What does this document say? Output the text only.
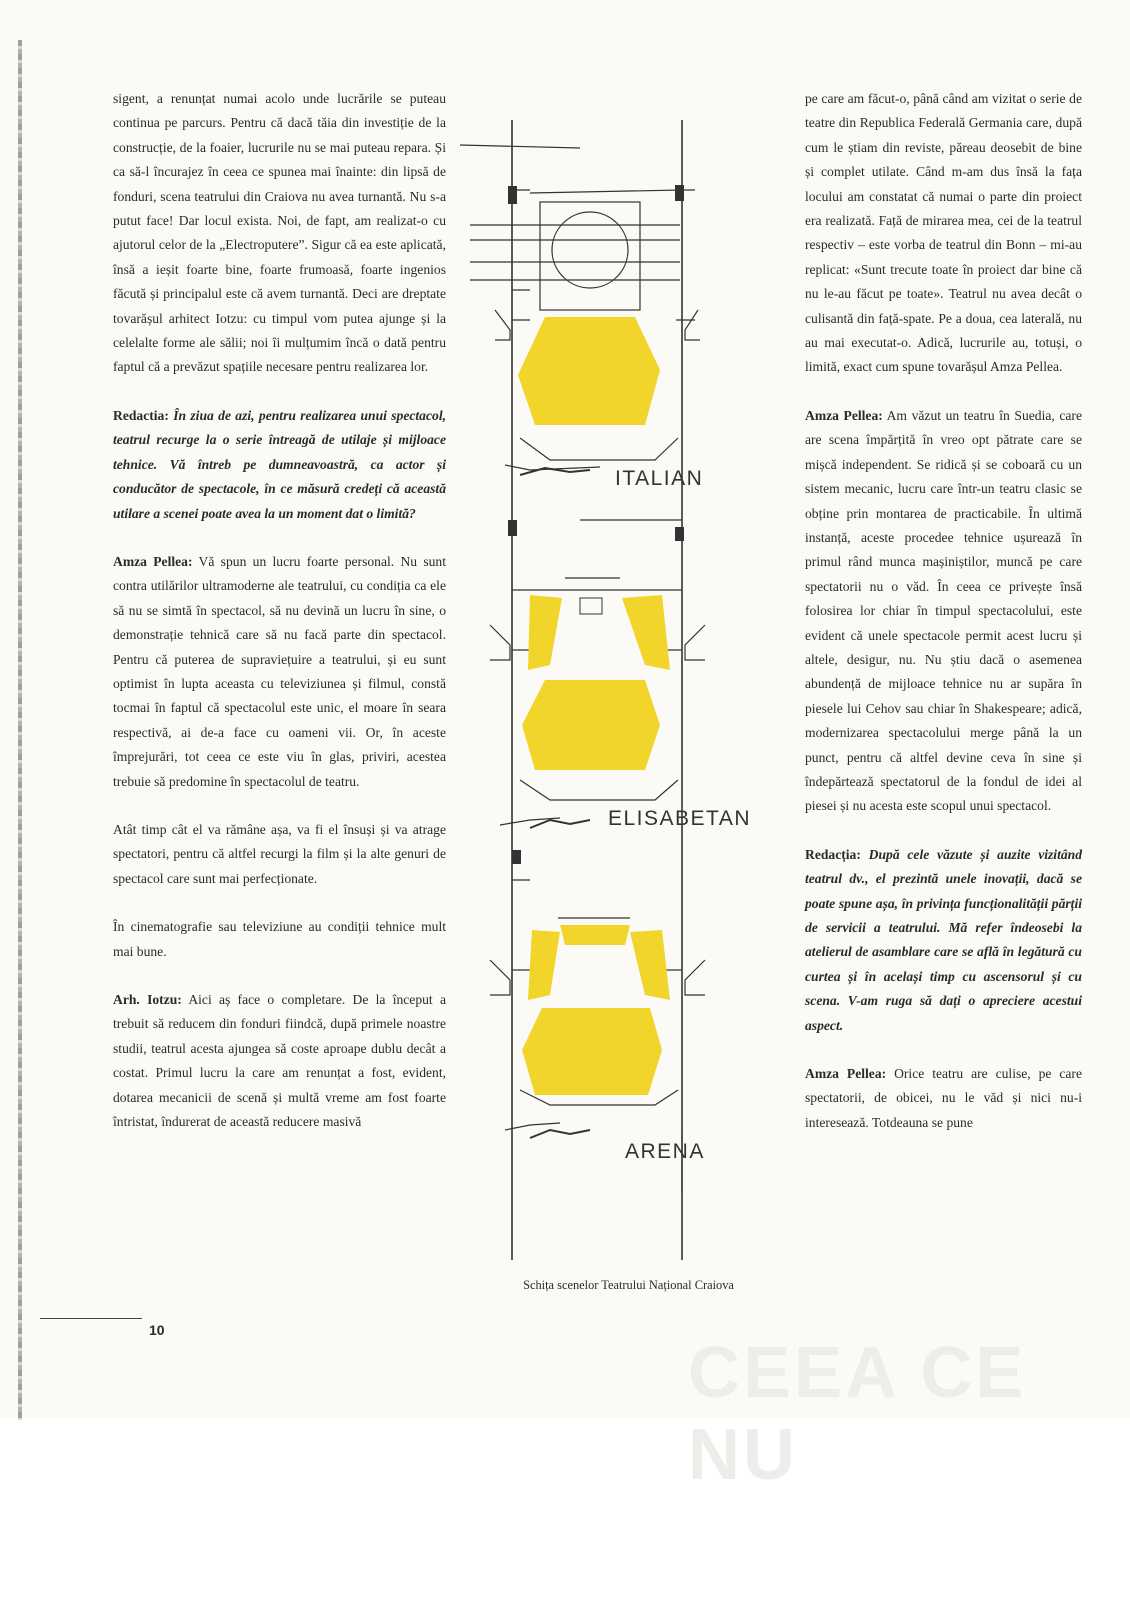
sigent, a renunțat numai acolo unde lucrările se puteau continua pe parcurs. Pentru că dacă tăia din investiție de la construcție, de la foaier, lucrurile nu se mai puteau repara. Și ca să-l încurajez în ceea ce spunea mai înainte: din lipsă de fonduri, scena teatrului din Craiova nu avea turnantă. Nu s-a putut face! Dar locul exista. Noi, de fapt, am realizat-o cu ajutorul celor de la „Electroputere”. Sigur că ea este aplicată, însă a ieșit foarte bine, foarte frumoasă, foarte ingenios făcută și principalul este că avem turnantă. Deci are dreptate tovarășul arhitect Iotzu: cu timpul vom putea ajunge și la celelalte forme ale sălii; noi îi mulțumim încă o dată pentru faptul că a prevăzut spațiile necesare pentru realizarea lor.

Redactia: În ziua de azi, pentru realizarea unui spectacol, teatrul recurge la o serie întreagă de utilaje și mijloace tehnice. Vă întreb pe dumneavoastră, ca actor și conducător de spectacole, în ce măsură credeți că această utilare a scenei poate avea la un moment dat o limită?

Amza Pellea: Vă spun un lucru foarte personal. Nu sunt contra utilărilor ultramoderne ale teatrului, cu condiția ca ele să nu se simtă în spectacol, să nu devină un lucru în sine, o demonstrație tehnică care să nu facă parte din spectacol. Pentru că puterea de supraviețuire a teatrului, și eu sunt optimist în lupta aceasta cu televiziunea și filmul, constă tocmai în faptul că spectacolul este unic, el moare în seara respectivă, ai de-a face cu oameni vii. Or, în aceste împrejurări, tot ceea ce este viu în glas, priviri, acestea trebuie să predomine în spectacolul de teatru.

Atât timp cât el va rămâne așa, va fi el însuși și va atrage spectatori, pentru că altfel recurgi la film și la alte genuri de spectacol care sunt mai perfecționate.

În cinematografie sau televiziune au condiții tehnice mult mai bune.

Arh. Iotzu: Aici aș face o completare. De la început a trebuit să reducem din fonduri fiindcă, după primele noastre studii, teatrul acesta ajungea să coste aproape dublu decât a costat. Primul lucru la care am renunțat a fost, evident, dotarea mecanicii de scenă și multă vreme am fost foarte întristat, îndurerat de această reducere masivă

pe care am făcut-o, până când am vizitat o serie de teatre din Republica Federală Germania care, după cum le știam din reviste, păreau deosebit de bine și complet utilate. Când m-am dus însă la fața locului am constatat că numai o parte din proiect era realizată. Față de mirarea mea, cei de la teatrul respectiv – este vorba de teatrul din Bonn – mi-au replicat: «Sunt trecute toate în proiect dar bine că nu le-au făcut pe toate». Teatrul nu avea decât o culisantă din față-spate. Pe a doua, cea laterală, nu au mai executat-o. Adică, lucrurile au, totuși, o limită, exact cum spune tovarășul Amza Pellea.

Amza Pellea: Am văzut un teatru în Suedia, care are scena împărțită în vreo opt pătrate care se mișcă independent. Se ridică și se coboară cu un sistem mecanic, lucru care într-un teatru clasic se obține prin montarea de practicabile. În ultimă instanță, aceste procedee tehnice ușurează în primul rând munca mașiniștilor, muncă pe care spectatorii nu o văd. În ceea ce privește însă folosirea lor chiar în timpul spectacolului, este evident că unele spectacole permit acest lucru și altele, desigur, nu. Nu știu dacă o asemenea abundență de mijloace tehnice nu ar supăra în piesele lui Cehov sau chiar în Shakespeare; adică, modernizarea spectacolului merge până la un punct, pentru că altfel devine ceva în sine și îndepărtează spectatorul de la fondul de idei al piesei și nu acesta este scopul unui spectacol.

Redacția: După cele văzute și auzite vizitând teatrul dv., el prezintă unele inovații, dacă se poate spune așa, în privința funcționalității părții de servicii a teatrului. Mă refer îndeosebi la atelierul de asamblare care se află în legătură cu curtea și în același timp cu ascensorul și cu scena. V-am ruga să dați o apreciere acestui aspect.

Amza Pellea: Orice teatru are culise, pe care spectatorii, de obicei, nu le văd și nici nu-i interesează. Totdeauna se pune

ITALIAN
ELISABETAN
ARENA
Schița scenelor Teatrului Național Craiova
10
CEEA CE NU
